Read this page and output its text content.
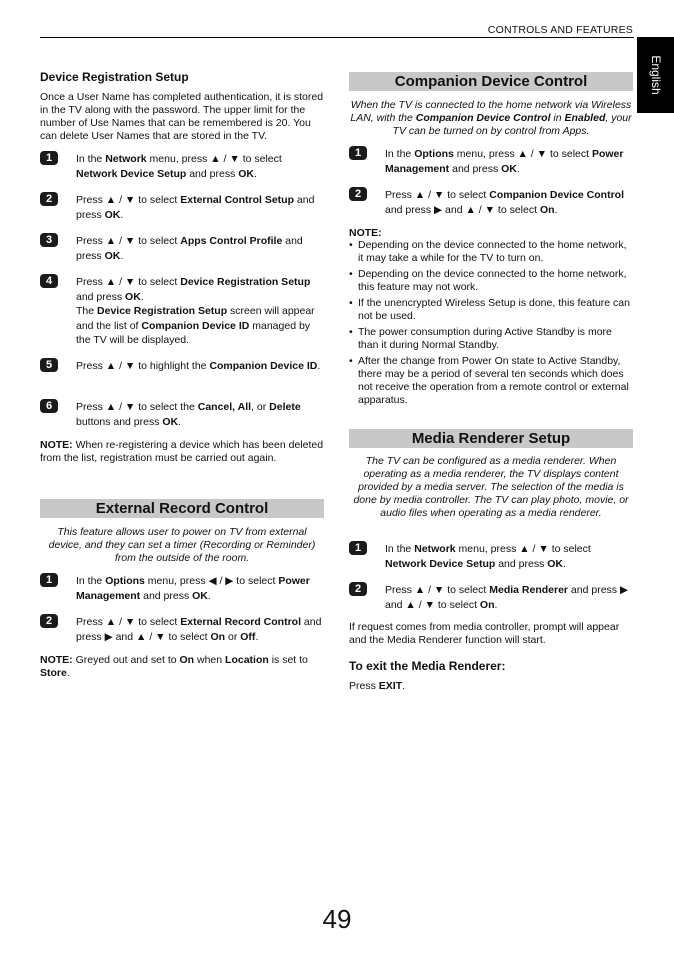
CONTROLS AND FEATURES
English
Device Registration Setup
Once a User Name has completed authentication, it is stored in the TV along with the password. The upper limit for the number of Use Names that can be remembered is 20. You can delete User Names that are stored in the TV.
1	In the Network menu, press ▲ / ▼ to select Network Device Setup and press OK.
2	Press ▲ / ▼ to select External Control Setup and press OK.
3	Press ▲ / ▼ to select Apps Control Profile and press OK.
4	Press ▲ / ▼ to select Device Registration Setup and press OK.
The Device Registration Setup screen will appear and the list of Companion Device ID managed by the TV will be displayed.
5	Press ▲ / ▼ to highlight the Companion Device ID.
6	Press ▲ / ▼ to select the Cancel, All, or Delete buttons and press OK.
NOTE: When re-registering a device which has been deleted from the list, registration must be carried out again.
External Record Control
This feature allows user to power on TV from external device, and they can set a timer (Recording or Reminder) from the outside of the room.
1	In the Options menu, press ◀ / ▶ to select Power Management and press OK.
2	Press ▲ / ▼ to select External Record Control and press ▶ and ▲ / ▼ to select On or Off.
NOTE: Greyed out and set to On when Location is set to Store.
Companion Device Control
When the TV is connected to the home network via Wireless LAN, with the Companion Device Control in Enabled, your TV can be turned on by control from Apps.
1	In the Options menu, press ▲ / ▼ to select Power Management and press OK.
2	Press ▲ / ▼ to select Companion Device Control and press ▶ and ▲ / ▼ to select On.
NOTE:
• Depending on the device connected to the home network, it may take a while for the TV to turn on.
• Depending on the device connected to the home network, this feature may not work.
• If the unencrypted Wireless Setup is done, this feature can not be used.
• The power consumption during Active Standby is more than it during Normal Standby.
• After the change from Power On state to Active Standby, there may be a period of several ten seconds which does not receive the operation from a remote control or external apparatus.
Media Renderer Setup
The TV can be configured as a media renderer. When operating as a media renderer, the TV displays content provided by a media server. The selection of the media is done by media controller. The TV can play photo, movie, or audio files when operating as a media renderer.
1	In the Network menu, press ▲ / ▼ to select Network Device Setup and press OK.
2	Press ▲ / ▼ to select Media Renderer and press ▶ and ▲ / ▼ to select On.
If request comes from media controller, prompt will appear and the Media Renderer function will start.
To exit the Media Renderer:
Press EXIT.
49
